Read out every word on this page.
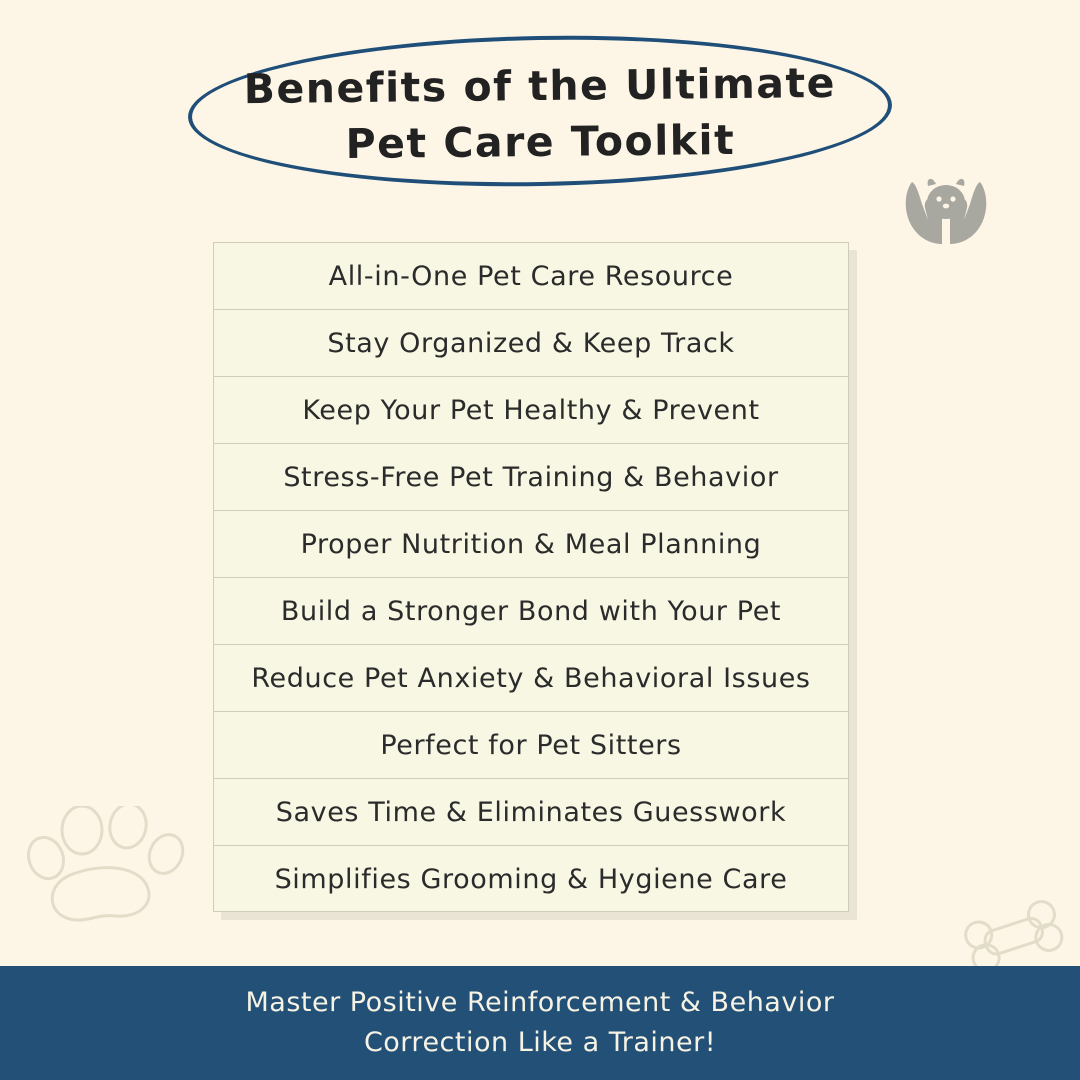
Benefits of the Ultimate
Pet Care Toolkit
All-in-One Pet Care Resource
Stay Organized & Keep Track
Keep Your Pet Healthy & Prevent
Stress-Free Pet Training & Behavior
Proper Nutrition & Meal Planning
Build a Stronger Bond with Your Pet
Reduce Pet Anxiety & Behavioral Issues
Perfect for Pet Sitters
Saves Time & Eliminates Guesswork
Simplifies Grooming & Hygiene Care
Master Positive Reinforcement & Behavior
Correction Like a Trainer!
